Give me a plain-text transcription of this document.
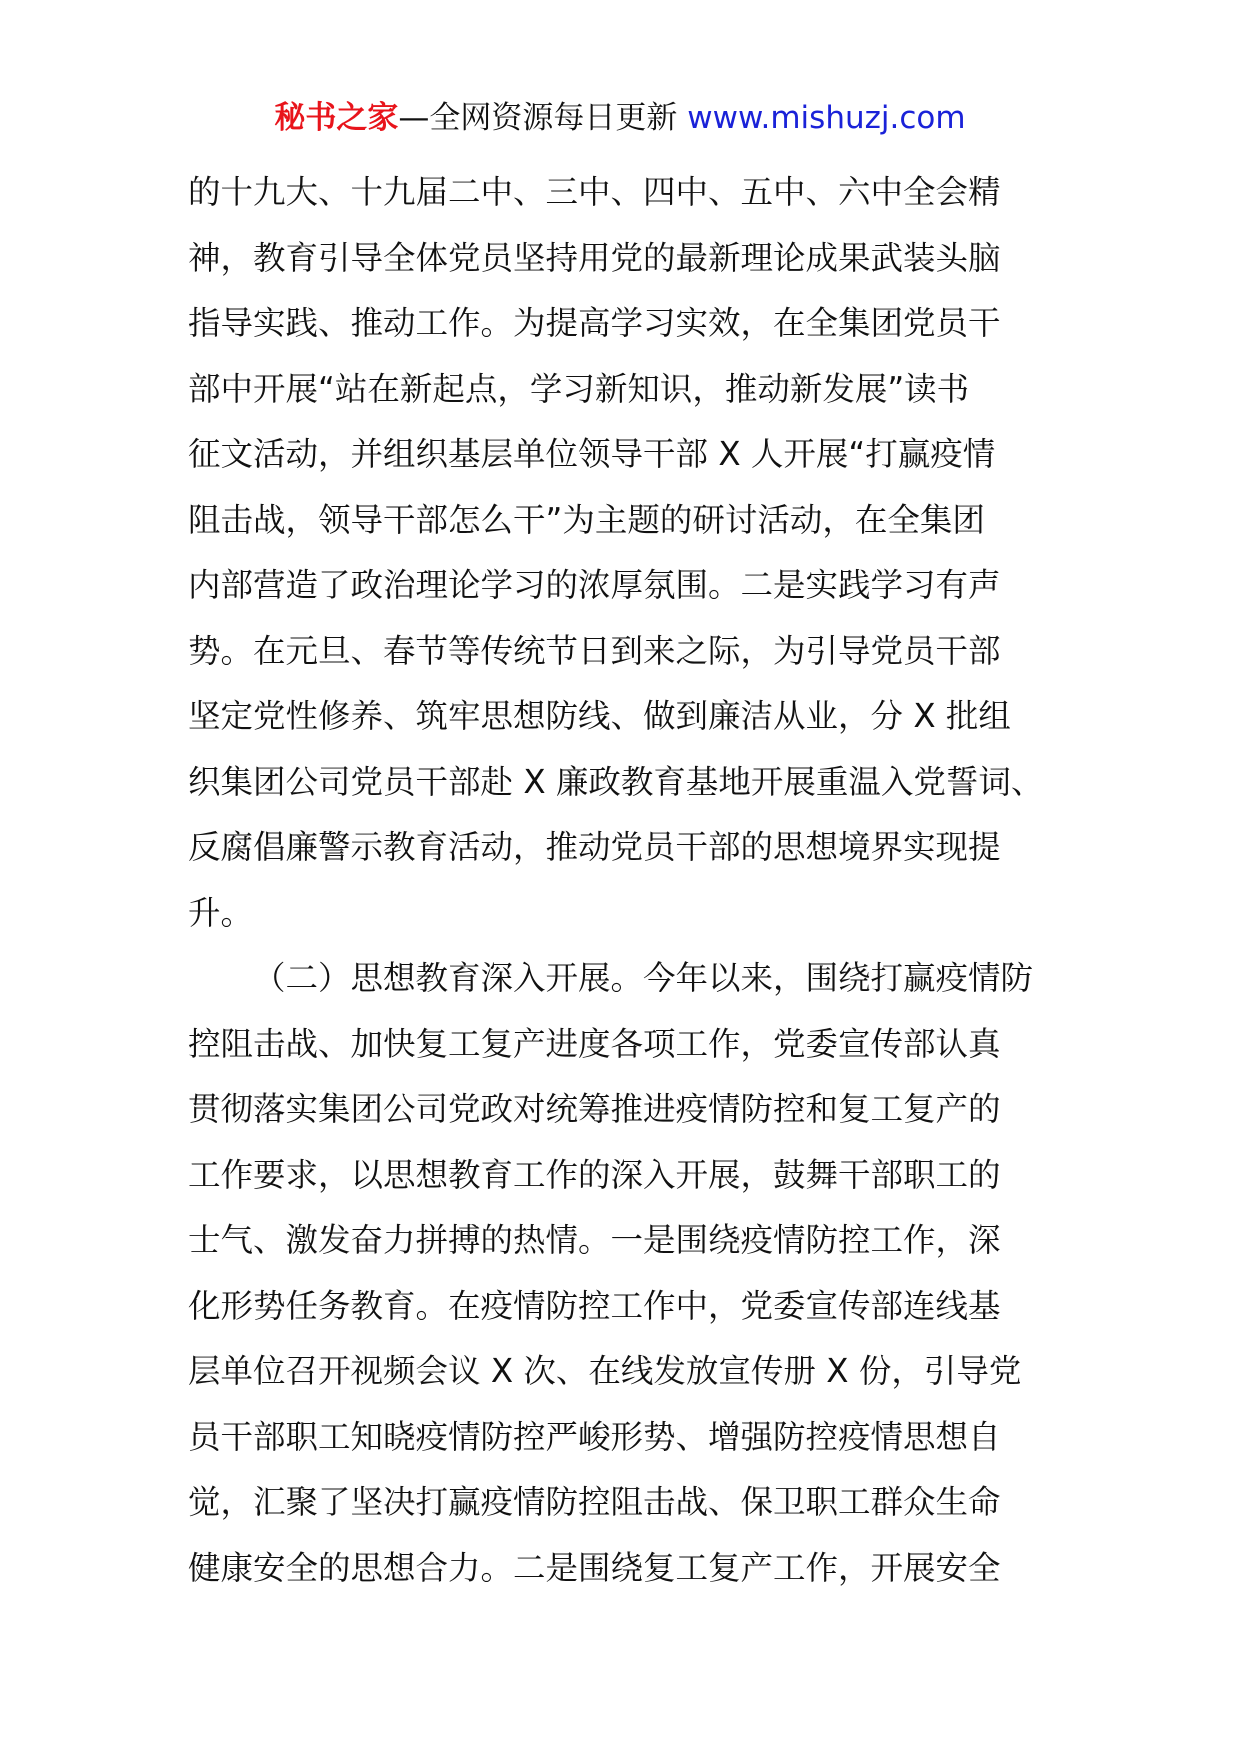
秘书之家—全网资源每日更新 www.mishuzj.com
的十九大、十九届二中、三中、四中、五中、六中全会精
神，教育引导全体党员坚持用党的最新理论成果武装头脑
指导实践、推动工作。为提高学习实效，在全集团党员干
部中开展“站在新起点，学习新知识，推动新发展”读书
征文活动，并组织基层单位领导干部 X 人开展“打赢疫情
阻击战，领导干部怎么干”为主题的研讨活动，在全集团
内部营造了政治理论学习的浓厚氛围。二是实践学习有声
势。在元旦、春节等传统节日到来之际，为引导党员干部
坚定党性修养、筑牢思想防线、做到廉洁从业，分 X 批组
织集团公司党员干部赴 X 廉政教育基地开展重温入党誓词、
反腐倡廉警示教育活动，推动党员干部的思想境界实现提
升。
（二）思想教育深入开展。今年以来，围绕打赢疫情防
控阻击战、加快复工复产进度各项工作，党委宣传部认真
贯彻落实集团公司党政对统筹推进疫情防控和复工复产的
工作要求，以思想教育工作的深入开展，鼓舞干部职工的
士气、激发奋力拼搏的热情。一是围绕疫情防控工作，深
化形势任务教育。在疫情防控工作中，党委宣传部连线基
层单位召开视频会议 X 次、在线发放宣传册 X 份，引导党
员干部职工知晓疫情防控严峻形势、增强防控疫情思想自
觉，汇聚了坚决打赢疫情防控阻击战、保卫职工群众生命
健康安全的思想合力。二是围绕复工复产工作，开展安全
